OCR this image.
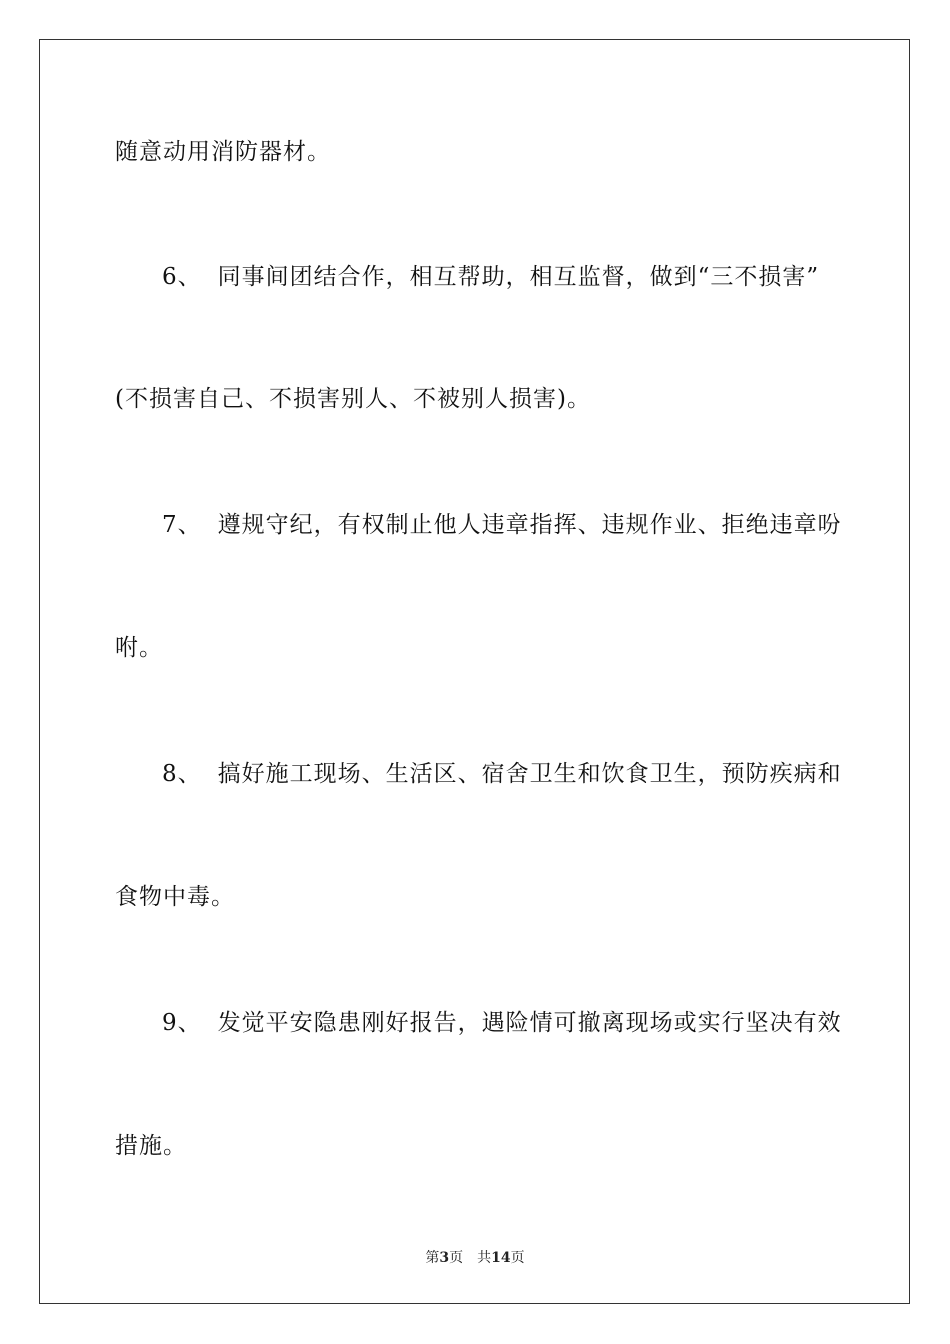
随意动用消防器材。
6、 同事间团结合作，相互帮助，相互监督，做到“三不损害”
(不损害自己、不损害别人、不被别人损害)。
7、 遵规守纪，有权制止他人违章指挥、违规作业、拒绝违章吩
咐。
8、 搞好施工现场、生活区、宿舍卫生和饮食卫生，预防疾病和
食物中毒。
9、 发觉平安隐患刚好报告，遇险情可撤离现场或实行坚决有效
措施。
第3页 共14页
